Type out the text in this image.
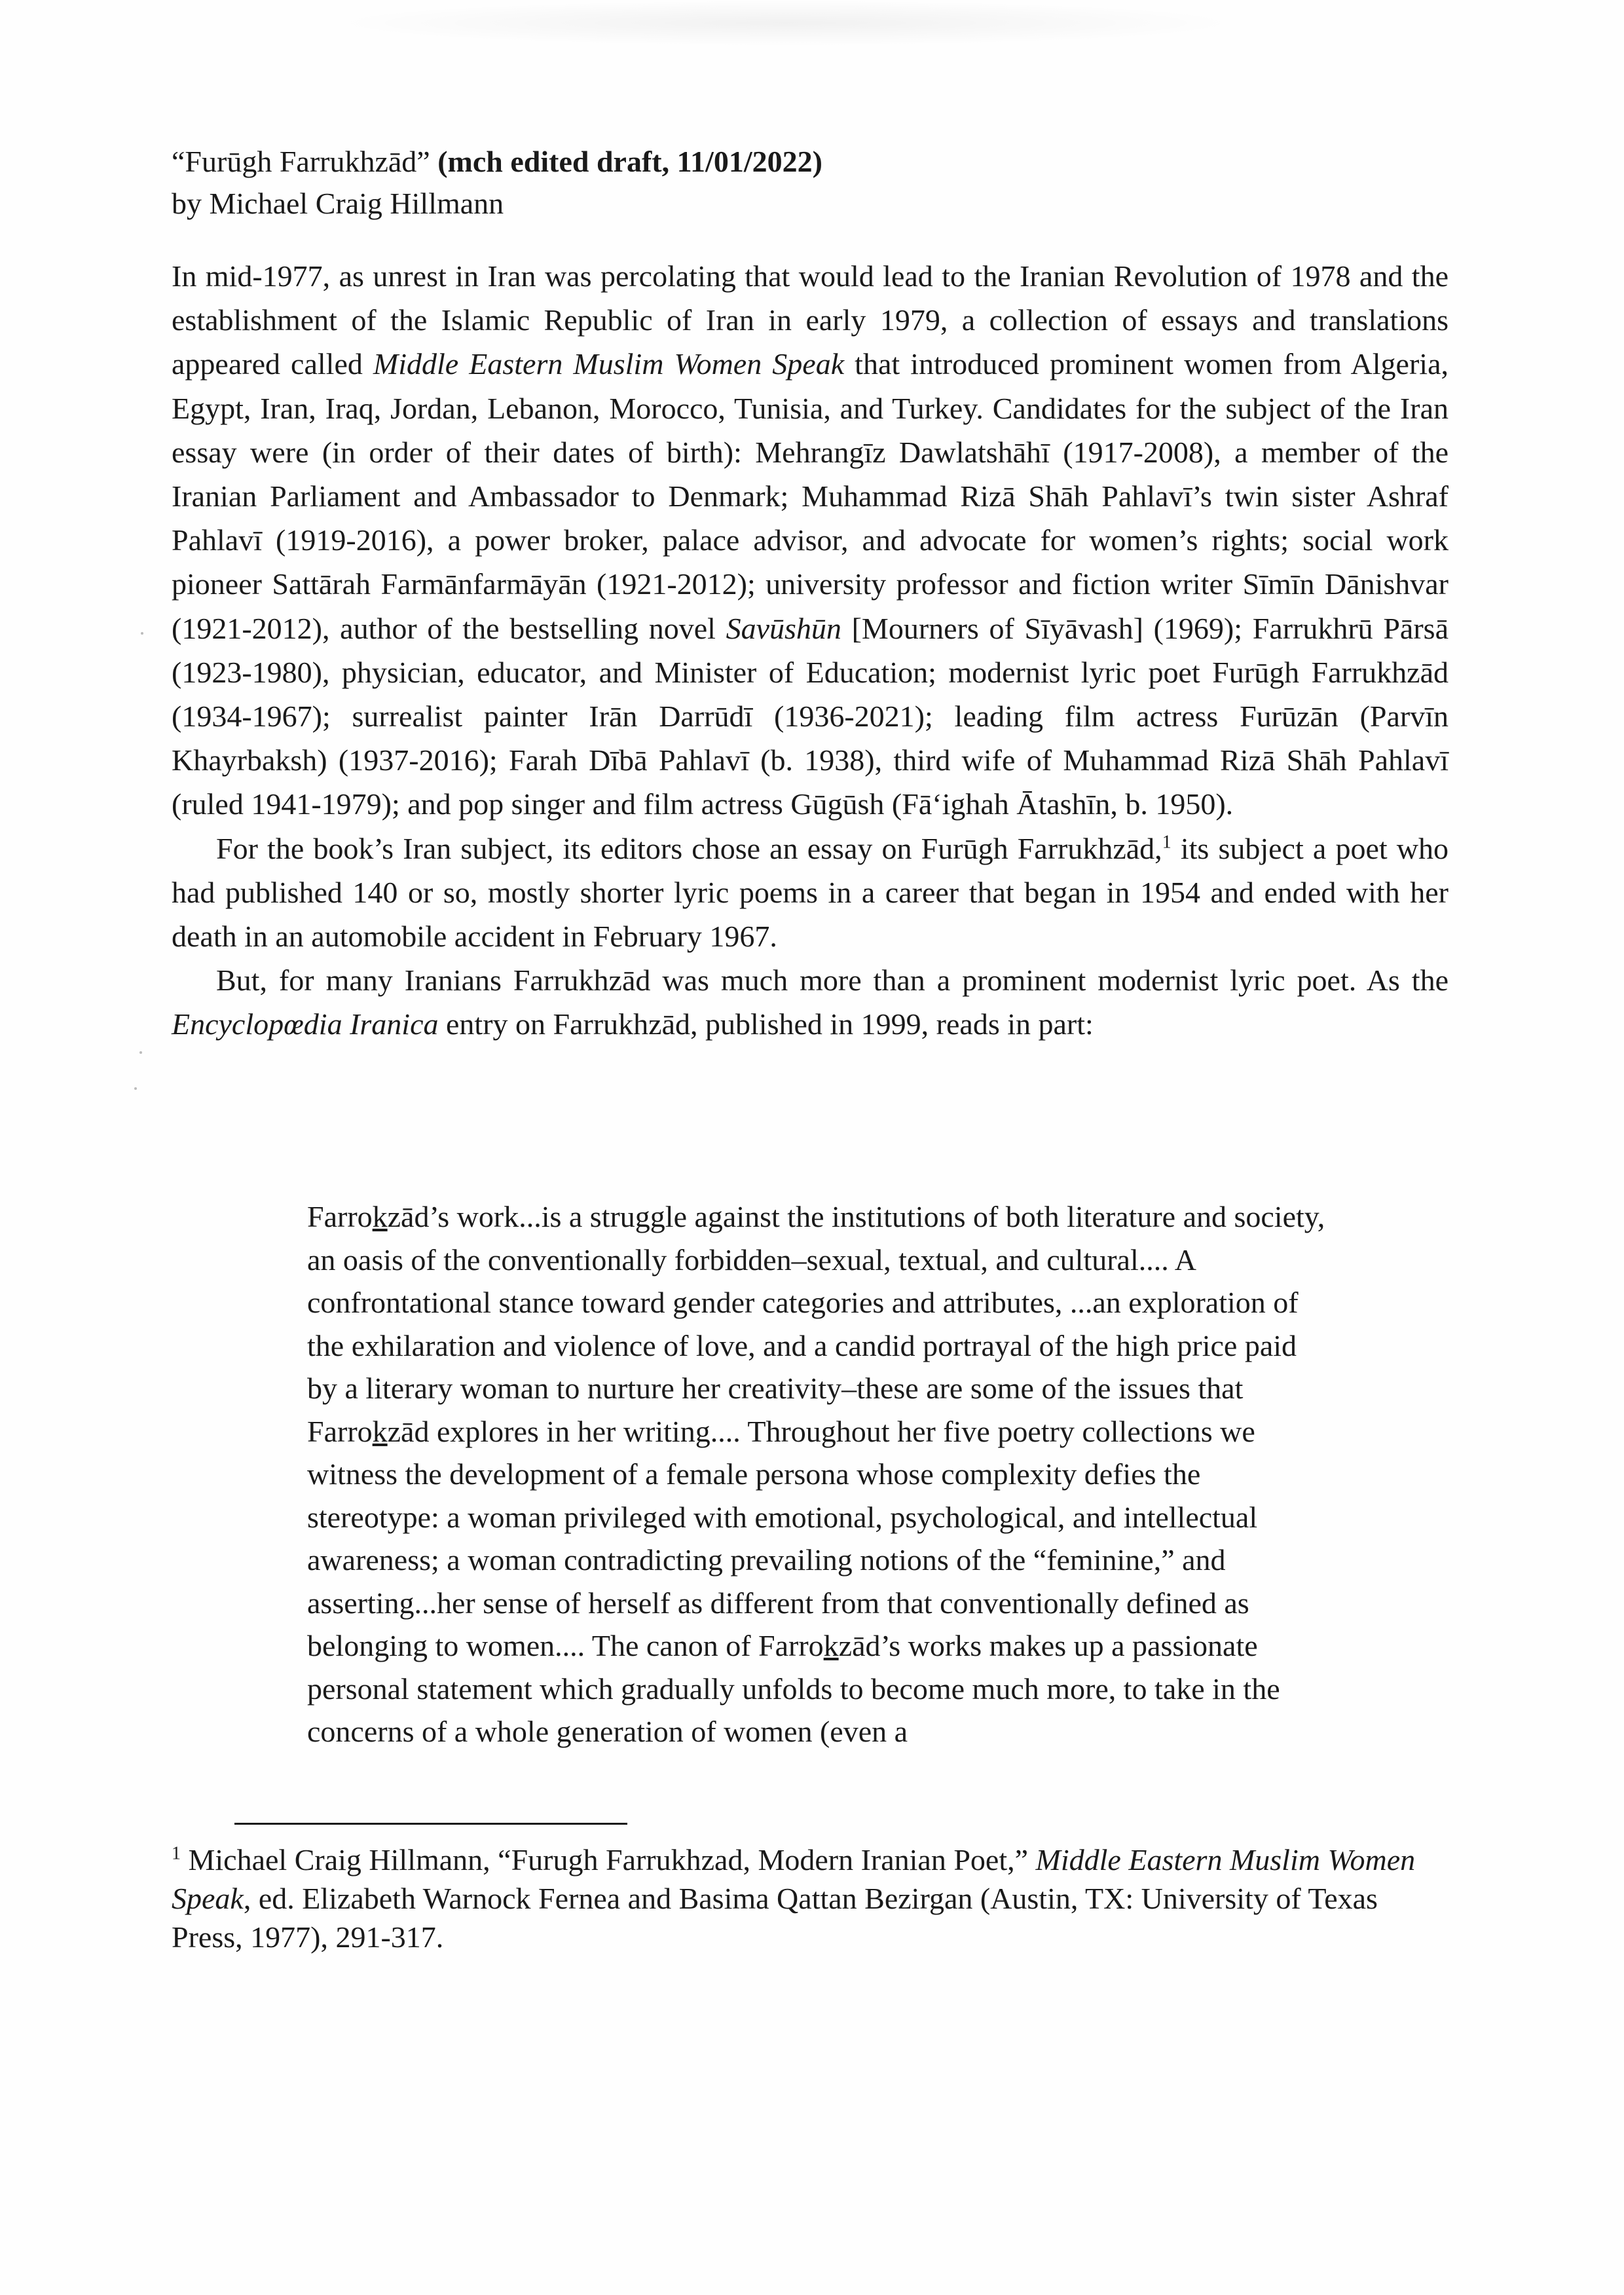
“Furūgh Farrukhzād” (mch edited draft, 11/01/2022)
by Michael Craig Hillmann

In mid-1977, as unrest in Iran was percolating that would lead to the Iranian Revolution of 1978 and the establishment of the Islamic Republic of Iran in early 1979, a collection of essays and translations appeared called Middle Eastern Muslim Women Speak that introduced prominent women from Algeria, Egypt, Iran, Iraq, Jordan, Lebanon, Morocco, Tunisia, and Turkey. Candidates for the subject of the Iran essay were (in order of their dates of birth): Mehrangīz Dawlatshāhī (1917-2008), a member of the Iranian Parliament and Ambassador to Denmark; Muhammad Rizā Shāh Pahlavī’s twin sister Ashraf Pahlavī (1919-2016), a power broker, palace advisor, and advocate for women’s rights; social work pioneer Sattārah Farmānfarmāyān (1921-2012); university professor and fiction writer Sīmīn Dānishvar (1921-2012), author of the bestselling novel Savūshūn [Mourners of Sīyāvash] (1969); Farrukhrū Pārsā (1923-1980), physician, educator, and Minister of Education; modernist lyric poet Furūgh Farrukhzād (1934-1967); surrealist painter Irān Darrūdī (1936-2021); leading film actress Furūzān (Parvīn Khayrbaksh) (1937-2016); Farah Dībā Pahlavī (b. 1938), third wife of Muhammad Rizā Shāh Pahlavī (ruled 1941-1979); and pop singer and film actress Gūgūsh (Fāʻighah Ātashīn, b. 1950).

For the book’s Iran subject, its editors chose an essay on Furūgh Farrukhzād,$^1$ its subject a poet who had published 140 or so, mostly shorter lyric poems in a career that began in 1954 and ended with her death in an automobile accident in February 1967.

But, for many Iranians Farrukhzād was much more than a prominent modernist lyric poet. As the Encyclopœdia Iranica entry on Farrukhzād, published in 1999, reads in part:

Farrokzād’s work...is a struggle against the institutions of both literature and society, an oasis of the conventionally forbidden–sexual, textual, and cultural.... A confrontational stance toward gender categories and attributes, ...an exploration of the exhilaration and violence of love, and a candid portrayal of the high price paid by a literary woman to nurture her creativity–these are some of the issues that Farrokzād explores in her writing.... Throughout her five poetry collections we witness the development of a female persona whose complexity defies the stereotype: a woman privileged with emotional, psychological, and intellectual awareness; a woman contradicting prevailing notions of the “feminine,” and asserting...her sense of herself as different from that conventionally defined as belonging to women.... The canon of Farrokzād’s works makes up a passionate personal statement which gradually unfolds to become much more, to take in the concerns of a whole generation of women (even a

$^1$ Michael Craig Hillmann, “Furugh Farrukhzad, Modern Iranian Poet,” Middle Eastern Muslim Women Speak, ed. Elizabeth Warnock Fernea and Basima Qattan Bezirgan (Austin, TX: University of Texas Press, 1977), 291-317.
